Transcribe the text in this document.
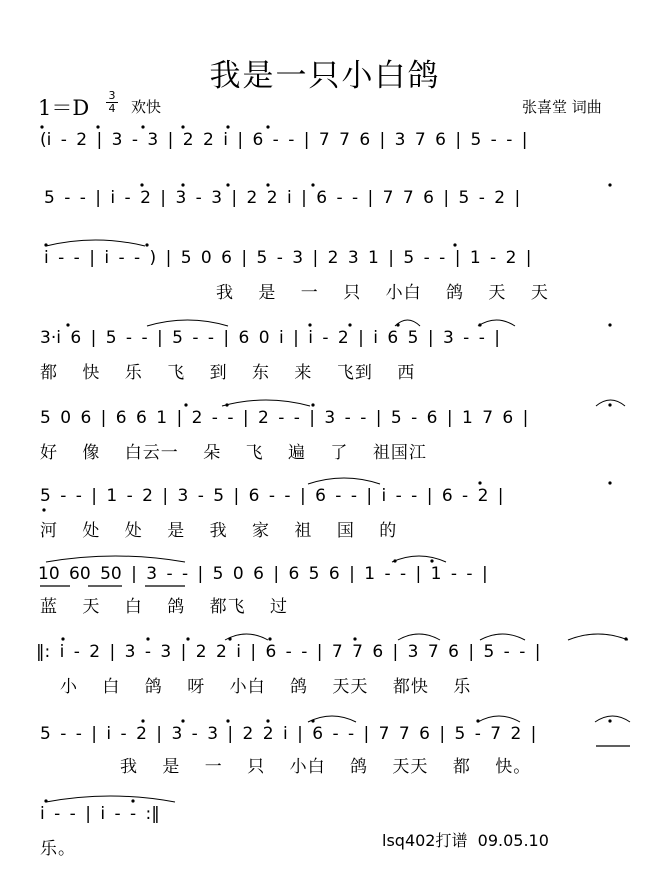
我是一只小白鸽
1＝D
3
4 欢快	张喜堂 词曲
(i - 2 | 3 - 3 | 2 2 i | 6 - - | 7 7 6 | 3 7 6 | 5 - - |
5 - - | i - 2 | 3 - 3 | 2 2 i | 6 - - | 7 7 6 | 5 - 2 |
i - - | i - - ) | 5 0 6 | 5 - 3 | 2 3 1 | 5 - - | 1 - 2 |
我 是 一 只 小白 鸽 天 天
3·i 6 | 5 - - | 5 - - | 6 0 i | i - 2 | i 6 5 | 3 - - |
都 快 乐 飞 到 东 来 飞到 西
5 0 6 | 6 6 1 | 2 - - | 2 - - | 3 - - | 5 - 6 | 1 7 6 |
好 像 白云一 朵 飞 遍 了 祖国江
5 - - | 1 - 2 | 3 - 5 | 6 - - | 6 - - | i - - | 6 - 2 |
河 处 处 是 我 家 祖 国 的
10 60 50 | 3 - - | 5 0 6 | 6 5 6 | 1 - - | 1 - - |
蓝 天 白 鸽 都飞 过
‖: i - 2 | 3 - 3 | 2 2 i | 6 - - | 7 7 6 | 3 7 6 | 5 - - |
小 白 鸽 呀 小白 鸽 天天 都快 乐
5 - - | i - 2 | 3 - 3 | 2 2 i | 6 - - | 7 7 6 | 5 - 7 2 |
我 是 一 只 小白 鸽 天天 都 快。
i - - | i - - :‖
乐。	lsq402打谱  09.05.10
